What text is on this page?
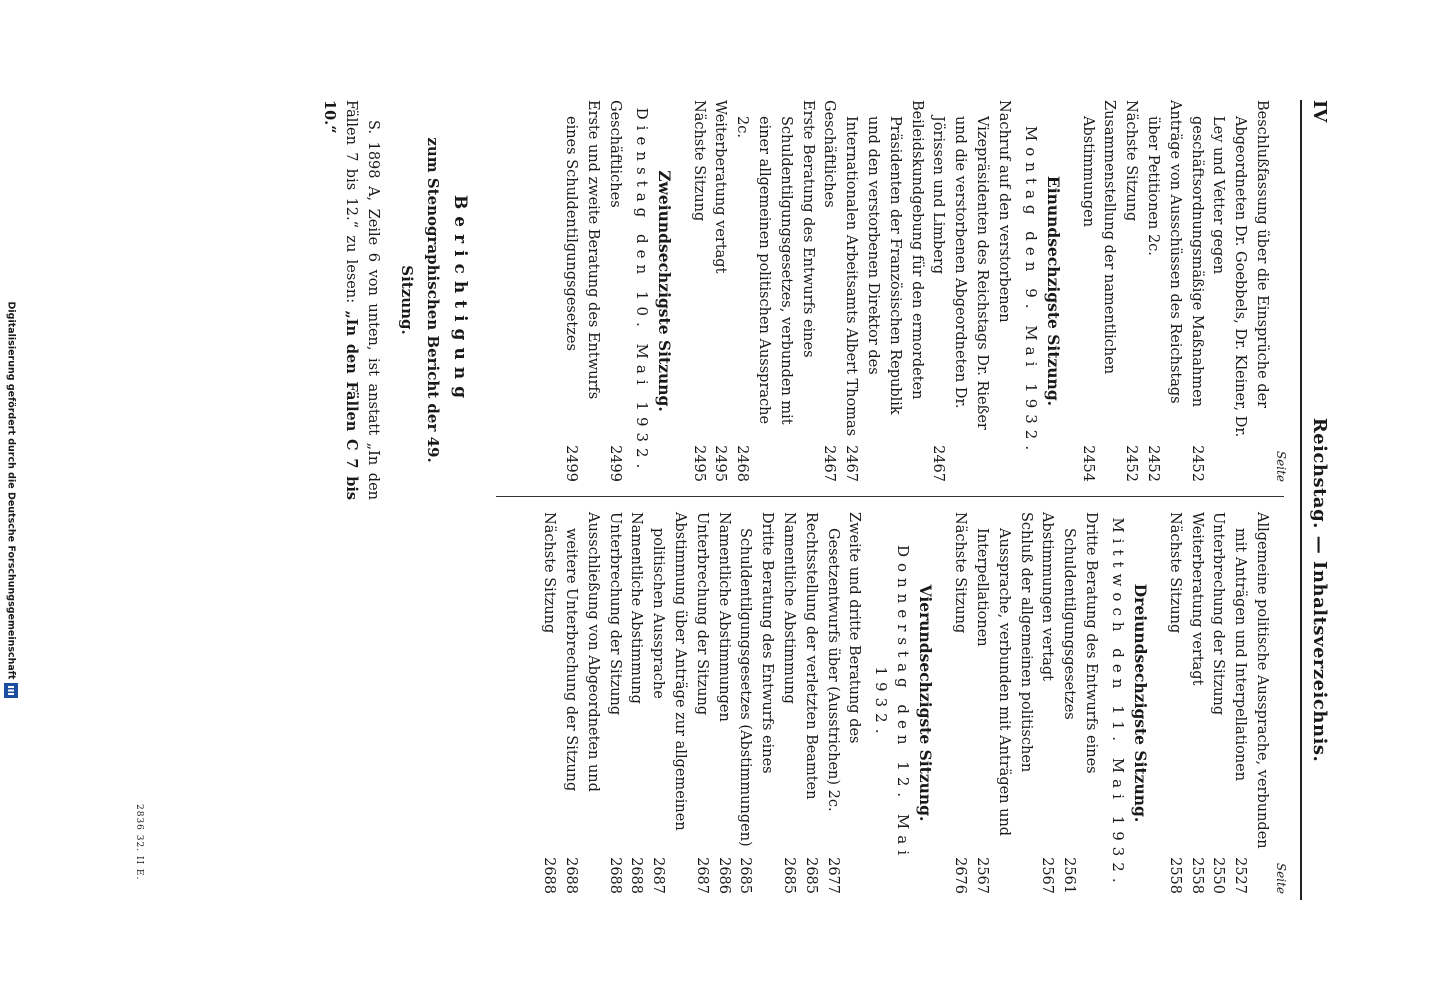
IV
Reichstag. — Inhaltsverzeichnis.
Seite
Beschlußfassung über die Einsprüche der Abgeordneten Dr. Goebbels, Dr. Kleiner, Dr. Ley und Vetter gegen geschäftsordnungsmäßige Maßnahmen
2452
Anträge von Ausschüssen des Reichstags über Petitionen 2c.
2452
Nächste Sitzung
2452
Zusammenstellung der namentlichen Abstimmungen
2454
Einundsechzigste Sitzung.
Montag den 9. Mai 1932.
Nachruf auf den verstorbenen Vizepräsidenten des Reichstags Dr. Rießer und die verstorbenen Abgeordneten Dr. Jörissen und Limberg
2467
Beileidskundgebung für den ermordeten Präsidenten der Französischen Republik und den verstorbenen Direktor des Internationalen Arbeitsamts Albert Thomas
2467
Geschäftliches
2467
Erste Beratung des Entwurfs eines Schuldentilgungsgesetzes, verbunden mit einer allgemeinen politischen Aussprache 2c.
2468
Weiterberatung vertagt
2495
Nächste Sitzung
2495
Zweiundsechzigste Sitzung.
Dienstag den 10. Mai 1932.
Geschäftliches
2499
Erste und zweite Beratung des Entwurfs eines Schuldentilgungsgesetzes
2499
Seite
Allgemeine politische Aussprache, verbunden mit Anträgen und Interpellationen
2527
Unterbrechung der Sitzung
2550
Weiterberatung vertagt
2558
Nächste Sitzung
2558
Dreiundsechzigste Sitzung.
Mittwoch den 11. Mai 1932.
Dritte Beratung des Entwurfs eines Schuldentilgungsgesetzes
2561
Abstimmungen vertagt
2567
Schluß der allgemeinen politischen Aussprache, verbunden mit Anträgen und Interpellationen
2567
Nächste Sitzung
2676
Vierundsechzigste Sitzung.
Donnerstag den 12. Mai 1932.
Zweite und dritte Beratung des Gesetzentwurfs über (Ausstrichen) 2c.
2677
Rechtsstellung der verletzten Beamten
2685
Namentliche Abstimmung
2685
Dritte Beratung des Entwurfs eines Schuldentilgungsgesetzes (Abstimmungen)
2685
Namentliche Abstimmungen
2686
Unterbrechung der Sitzung
2687
Abstimmung über Anträge zur allgemeinen politischen Aussprache
2687
Namentliche Abstimmung
2688
Unterbrechung der Sitzung
2688
Ausschließung von Abgeordneten und weitere Unterbrechung der Sitzung
2688
Nächste Sitzung
2688
Berichtigung
zum Stenographischen Bericht der 49. Sitzung.
S. 1898 A, Zeile 6 von unten, ist anstatt „In den Fällen 7 bis 12.“ zu lesen: „In den Fällen C 7 bis 10.“
2836 32. II E.
Digitalisierung gefördert durch die Deutsche Forschungsgemeinschaft
